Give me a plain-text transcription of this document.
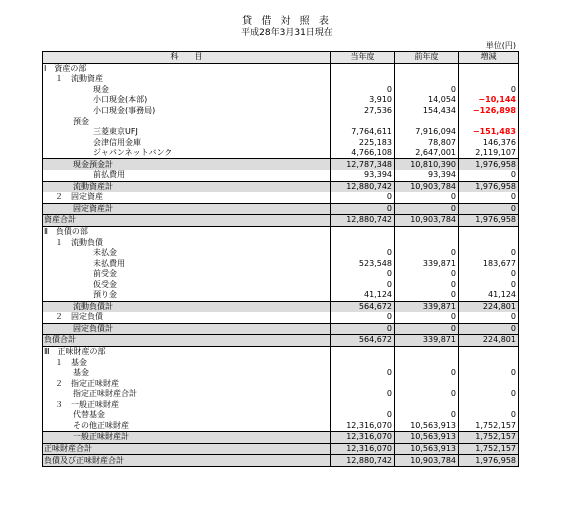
貸 借 対 照 表
平成28年3月31日現在
単位(円)
科　　目	当年度	前年度	増減
Ⅰ　資産の部			
１　流動資産			
現金	0	0	0
小口現金(本部)	3,910	14,054	−10,144
小口現金(事務局)	27,536	154,434	−126,898
預金			
三菱東京UFJ	7,764,611	7,916,094	−151,483
会津信用金庫	225,183	78,807	146,376
ジャパンネットバンク	4,766,108	2,647,001	2,119,107
現金預金計	12,787,348	10,810,390	1,976,958
前払費用	93,394	93,394	0
流動資産計	12,880,742	10,903,784	1,976,958
２　固定資産	0	0	0
固定資産計	0	0	0
資産合計	12,880,742	10,903,784	1,976,958
Ⅱ　負債の部			
１　流動負債			
未払金	0	0	0
未払費用	523,548	339,871	183,677
前受金	0	0	0
仮受金	0	0	0
預り金	41,124	0	41,124
流動負債計	564,672	339,871	224,801
２　固定負債	0	0	0
固定負債計	0	0	0
負債合計	564,672	339,871	224,801
Ⅲ　正味財産の部			
１　基金			
基金	0	0	0
２　指定正味財産			
指定正味財産合計	0	0	0
３　一般正味財産			
代替基金	0	0	0
その他正味財産	12,316,070	10,563,913	1,752,157
一般正味財産計	12,316,070	10,563,913	1,752,157
正味財産合計	12,316,070	10,563,913	1,752,157
負債及び正味財産合計	12,880,742	10,903,784	1,976,958
